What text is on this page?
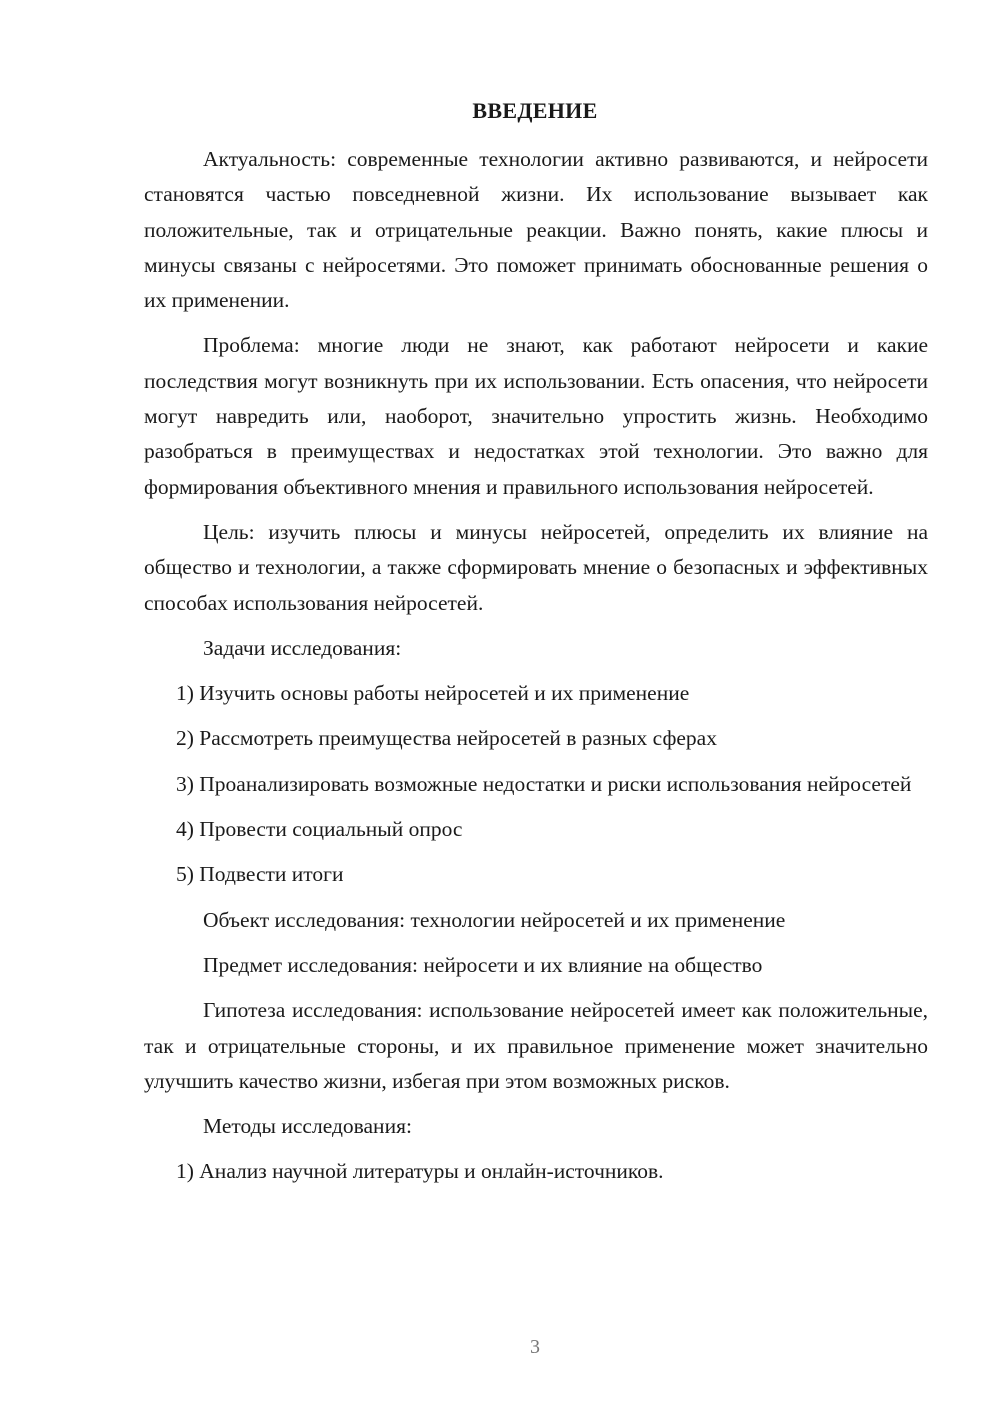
ВВЕДЕНИЕ

Актуальность: современные технологии активно развиваются, и нейросети становятся частью повседневной жизни. Их использование вызывает как положительные, так и отрицательные реакции. Важно понять, какие плюсы и минусы связаны с нейросетями. Это поможет принимать обоснованные решения о их применении.

Проблема: многие люди не знают, как работают нейросети и какие последствия могут возникнуть при их использовании. Есть опасения, что нейросети могут навредить или, наоборот, значительно упростить жизнь. Необходимо разобраться в преимуществах и недостатках этой технологии. Это важно для формирования объективного мнения и правильного использования нейросетей.

Цель: изучить плюсы и минусы нейросетей, определить их влияние на общество и технологии, а также сформировать мнение о безопасных и эффективных способах использования нейросетей.

Задачи исследования:

1) Изучить основы работы нейросетей и их применение

2) Рассмотреть преимущества нейросетей в разных сферах

3) Проанализировать возможные недостатки и риски использования нейросетей

4) Провести социальный опрос

5) Подвести итоги

Объект исследования: технологии нейросетей и их применение

Предмет исследования: нейросети и их влияние на общество

Гипотеза исследования: использование нейросетей имеет как положительные, так и отрицательные стороны, и их правильное применение может значительно улучшить качество жизни, избегая при этом возможных рисков.

Методы исследования:

1) Анализ научной литературы и онлайн-источников.

3
